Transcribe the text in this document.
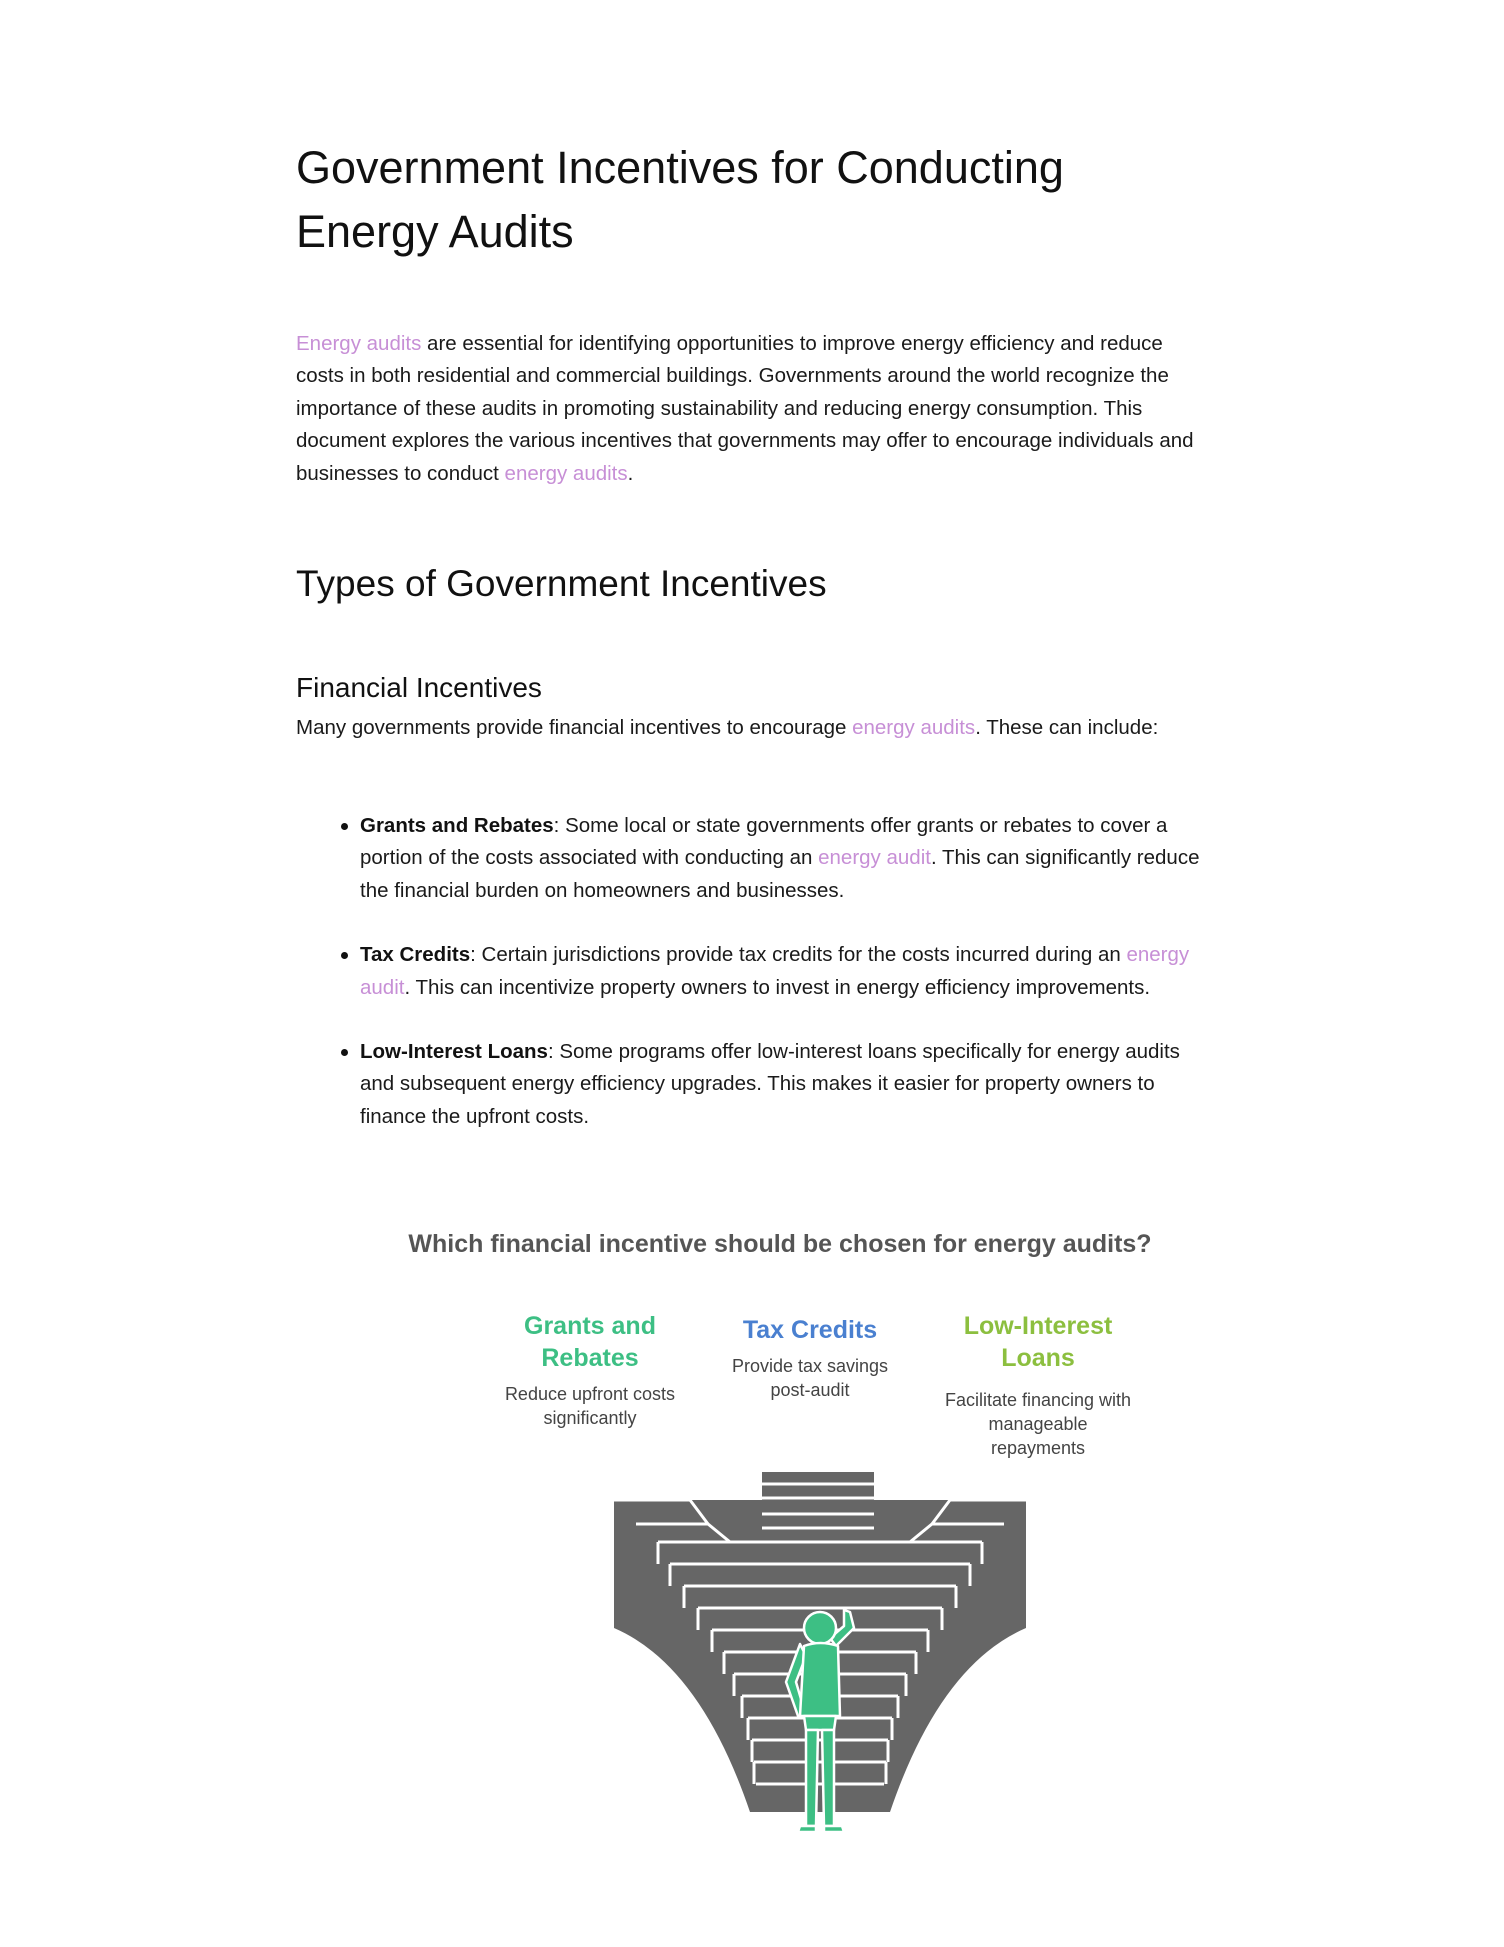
Government Incentives for Conducting Energy Audits

Energy audits are essential for identifying opportunities to improve energy efficiency and reduce costs in both residential and commercial buildings. Governments around the world recognize the importance of these audits in promoting sustainability and reducing energy consumption. This document explores the various incentives that governments may offer to encourage individuals and businesses to conduct energy audits.

Types of Government Incentives
Financial Incentives

Many governments provide financial incentives to encourage energy audits. These can include:

Grants and Rebates: Some local or state governments offer grants or rebates to cover a portion of the costs associated with conducting an energy audit. This can significantly reduce the financial burden on homeowners and businesses.
Tax Credits: Certain jurisdictions provide tax credits for the costs incurred during an energy audit. This can incentivize property owners to invest in energy efficiency improvements.
Low-Interest Loans: Some programs offer low-interest loans specifically for energy audits and subsequent energy efficiency upgrades. This makes it easier for property owners to finance the upfront costs.

Which financial incentive should be chosen for energy audits?

Grants and
Rebates

Reduce upfront costs
significantly

Tax Credits

Provide tax savings
post-audit

Low-Interest
Loans

Facilitate financing with
manageable
repayments
